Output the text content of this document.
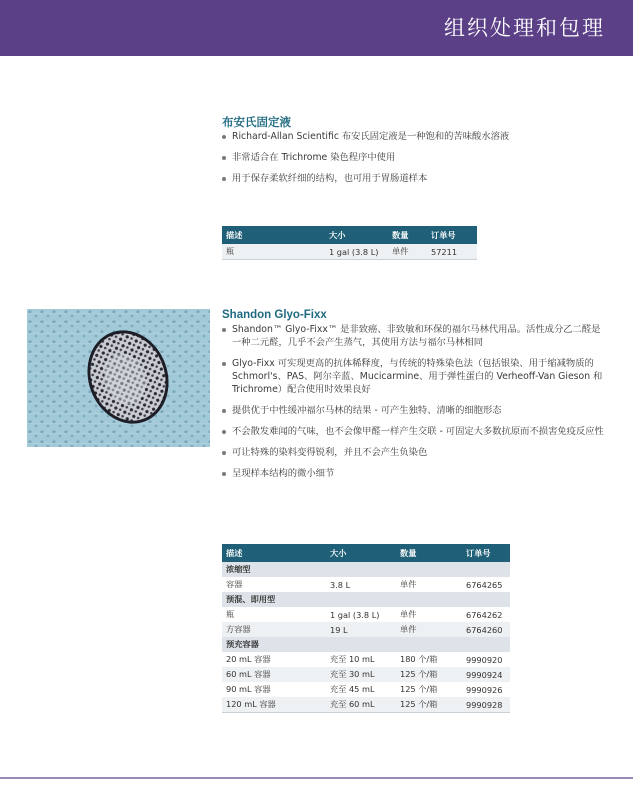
组织处理和包理
布安氏固定液
Richard-Allan Scientific 布安氏固定液是一种饱和的苦味酸水溶液
非常适合在 Trichrome 染色程序中使用
用于保存柔软纤细的结构，也可用于胃肠道样本
描述	大小	数量	订单号
瓶	1 gal (3.8 L)	单件	57211
Shandon Glyo-Fixx
Shandon™ Glyo-Fixx™ 是非致癌、非致敏和环保的福尔马林代用品。活性成分乙二醛是一种二元醛，几乎不会产生蒸气，其使用方法与福尔马林相同
Glyo-Fixx 可实现更高的抗体稀释度，与传统的特殊染色法（包括银染、用于缩减物质的 Schmorl's、PAS、阿尔辛蓝、Mucicarmine、用于弹性蛋白的 Verheoff-Van Gieson 和 Trichrome）配合使用时效果良好
提供优于中性缓冲福尔马林的结果 - 可产生独特、清晰的细胞形态
不会散发难闻的气味，也不会像甲醛一样产生交联 - 可固定大多数抗原而不损害免疫反应性
可让特殊的染料变得锐利，并且不会产生负染色
呈现样本结构的微小细节
描述	大小	数量	订单号
浓缩型			
容器	3.8 L	单件	6764265
预混、即用型			
瓶	1 gal (3.8 L)	单件	6764262
方容器	19 L	单件	6764260
预充容器			
20 mL 容器	充至 10 mL	180 个/箱	9990920
60 mL 容器	充至 30 mL	125 个/箱	9990924
90 mL 容器	充至 45 mL	125 个/箱	9990926
120 mL 容器	充至 60 mL	125 个/箱	9990928
